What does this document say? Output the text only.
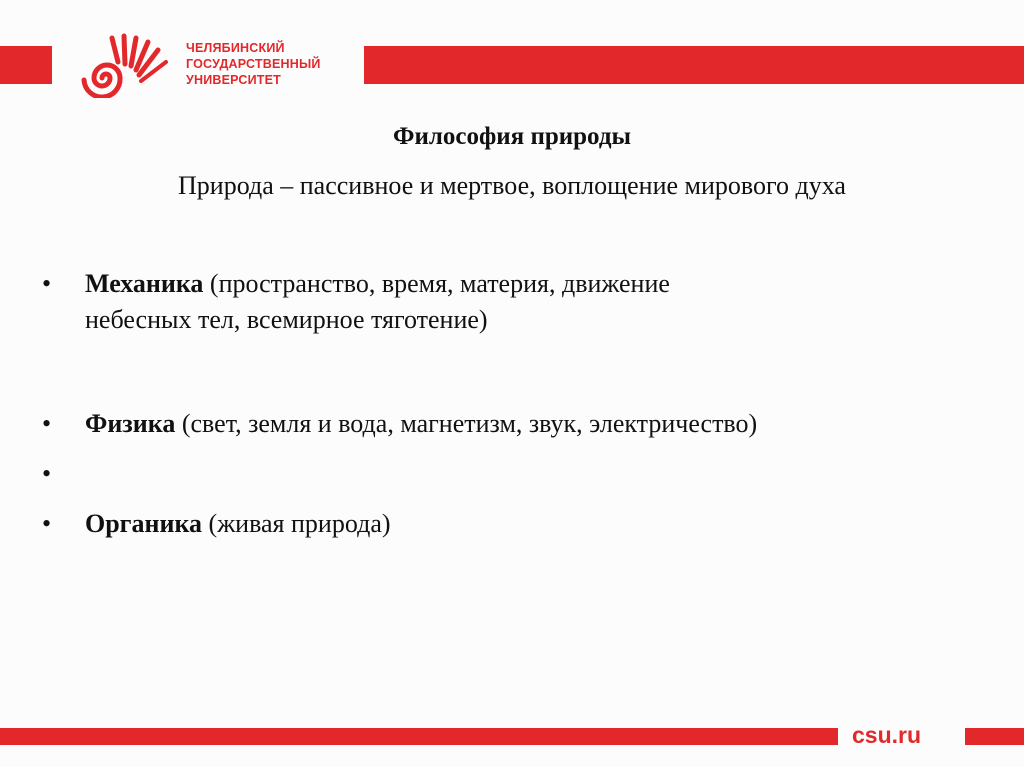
ЧЕЛЯБИНСКИЙ
ГОСУДАРСТВЕННЫЙ
УНИВЕРСИТЕТ
Философия природы
Природа – пассивное и мертвое, воплощение мирового духа
• Механика (пространство, время, материя, движение
небесных тел, всемирное тяготение)
• Физика (свет, земля и вода, магнетизм, звук, электричество)
•
• Органика (живая природа)
csu.ru
